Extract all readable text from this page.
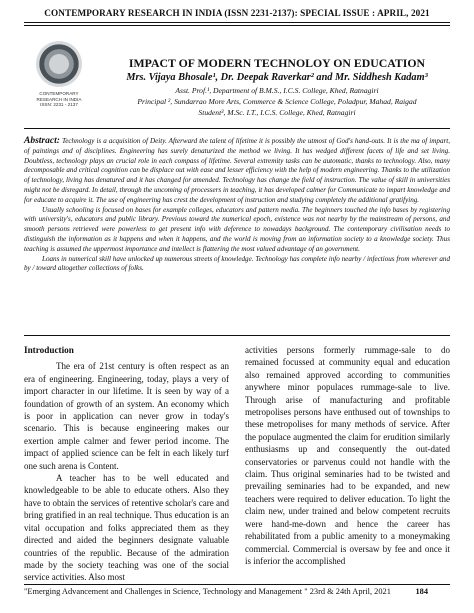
CONTEMPORARY RESEARCH IN INDIA (ISSN 2231-2137): SPECIAL ISSUE : APRIL, 2021
CONTEMPORARY RESEARCH IN INDIA
ISSN: 2231 - 2137
IMPACT OF MODERN TECHNOLOY ON EDUCATION
Mrs. Vijaya Bhosale¹, Dr. Deepak Raverkar² and Mr. Siddhesh Kadam³
Asst. Prof.¹, Department of B.M.S., I.C.S. College, Khed, Ratnagiri
Principal ², Sundarrao More Arts, Commerce & Science College, Poladpur, Mahad, Raigad
Student³, M.Sc. I.T., I.C.S. College, Khed, Ratnagiri

Abstract: Technology is a acquisition of Deity. Afterward the talent of lifetime it is possibly the utmost of God's hand-outs. It is the ma of impart, of paintings and of disciplines. Engineering has surely denaturized the method we living. It has wedged different facets of life and set living. Doubtless, technology plays an crucial role in each compass of lifetime. Several extremity tasks can be automatic, thanks to technology. Also, many decomposable and critical cognition can be displace out with ease and lesser efficiency with the help of modern engineering. Thanks to the utilization of technology, living has denatured and it has changed for amended. Technology has change the field of instruction. The value of skill in universities might not be disregard. In detail, through the uncoming of processers in teaching, it has developed calmer for Communicate to impart knowledge and for educate to acquire it. The use of engineering has crest the development of instruction and studying completely the additional gratifying.

Usually schooling is focused on bases for example colleges, educators and pattern media. The beginners touched the info bases by registering with university's, educators and public library. Previous toward the numerical epoch, existence was not nearby by the mainstream of persons, and smooth persons retrieved were powerless to get present info with deference to nowadays background. The contemporary civilisation needs to distinguish the information as it happens and when it happens, and the world is moving from an information society to a knowledge society. Thus teaching is assumed the uppermost importance and intellect is flattering the most valued advantage of an government.

Loans in numerical skill have unlocked up numerous streets of knowledge. Technology has complete info nearby / infectious from wherever and by / toward altogether collections of folks.

Introduction

The era of 21st century is often respect as an era of engineering. Engineering, today, plays a very of import character in our lifetime. It is seen by way of a foundation of growth of an system. An economy which is poor in application can never grow in today's scenario. This is because engineering makes our exertion ample calmer and fewer period income. The impact of applied science can be felt in each likely turf one such arena is Content.

A teacher has to be well educated and knowledgeable to be able to educate others. Also they have to obtain the services of retentive scholar's care and bring gratified in an real technique. Thus education is an vital occupation and folks appreciated them as they directed and aided the beginners designate valuable countries of the republic. Because of the admiration made by the society teaching was one of the social service activities. Also most

activities persons formerly rummage-sale to do remained focussed at community equal and education also remained approved according to communities anywhere minor populaces rummage-sale to live. Through arise of manufacturing and profitable metropolises persons have enthused out of townships to these metropolises for many methods of service. After the populace augmented the claim for erudition similarly enthusiasms up and consequently the out-dated conservatories or parvenus could not handle with the claim. Thus original seminaries had to be twisted and prevailing seminaries had to be expanded, and new teachers were required to deliver education. To light the claim new, under trained and below competent recruits were hand-me-down and hence the career has rehabilitated from a public amenity to a moneymaking commercial. Commercial is oversaw by fee and once it is inferior the accomplished

"Emerging Advancement and Challenges in Science, Technology and Management " 23rd & 24th April, 2021	184
